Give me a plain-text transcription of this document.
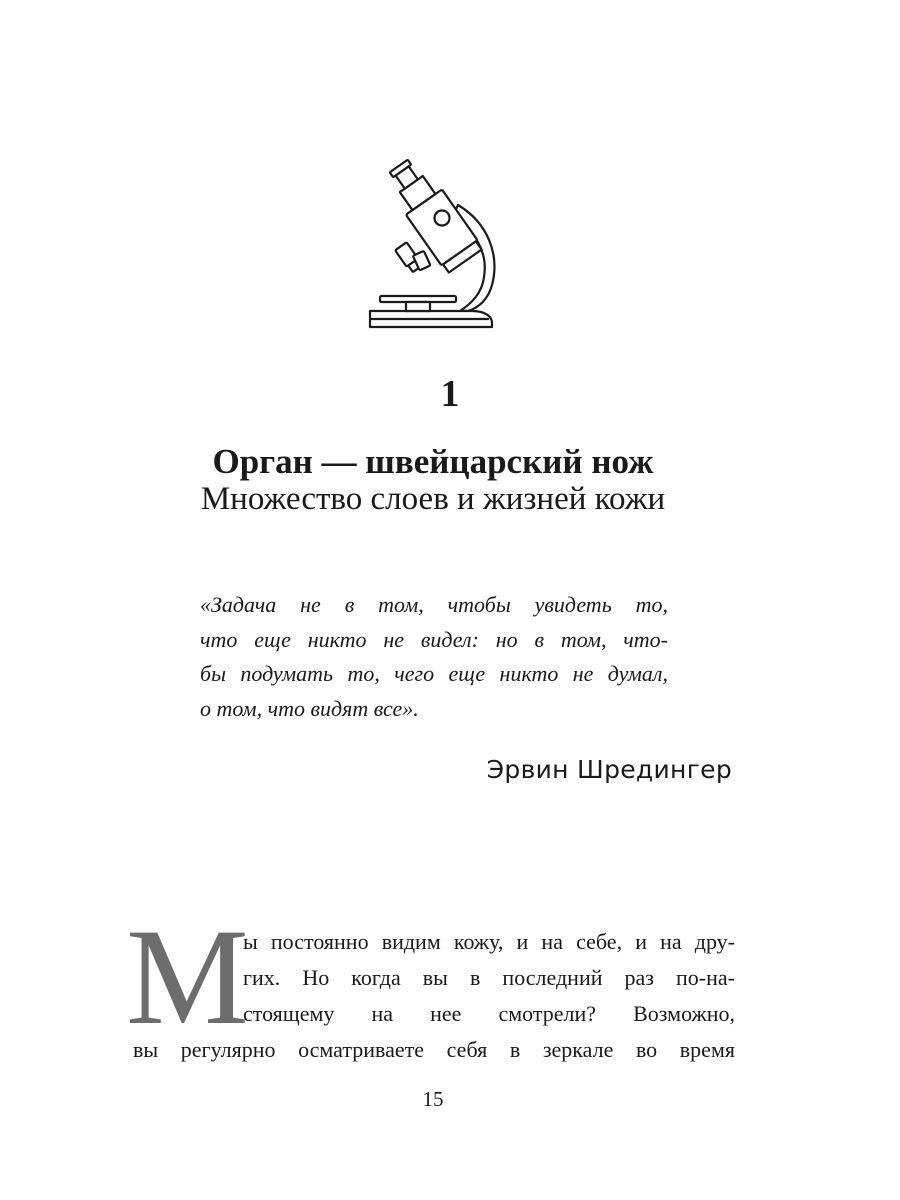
1
Орган — швейцарский нож
Множество слоев и жизней кожи
«Задача не в том, чтобы увидеть то,
что еще никто не видел: но в том, что-
бы подумать то, чего еще никто не думал,
о том, что видят все».
Эрвин Шредингер
М
ы постоянно видим кожу, и на себе, и на дру-
гих. Но когда вы в последний раз по-на-
стоящему на нее смотрели? Возможно,
вы регулярно осматриваете себя в зеркале во время
15
